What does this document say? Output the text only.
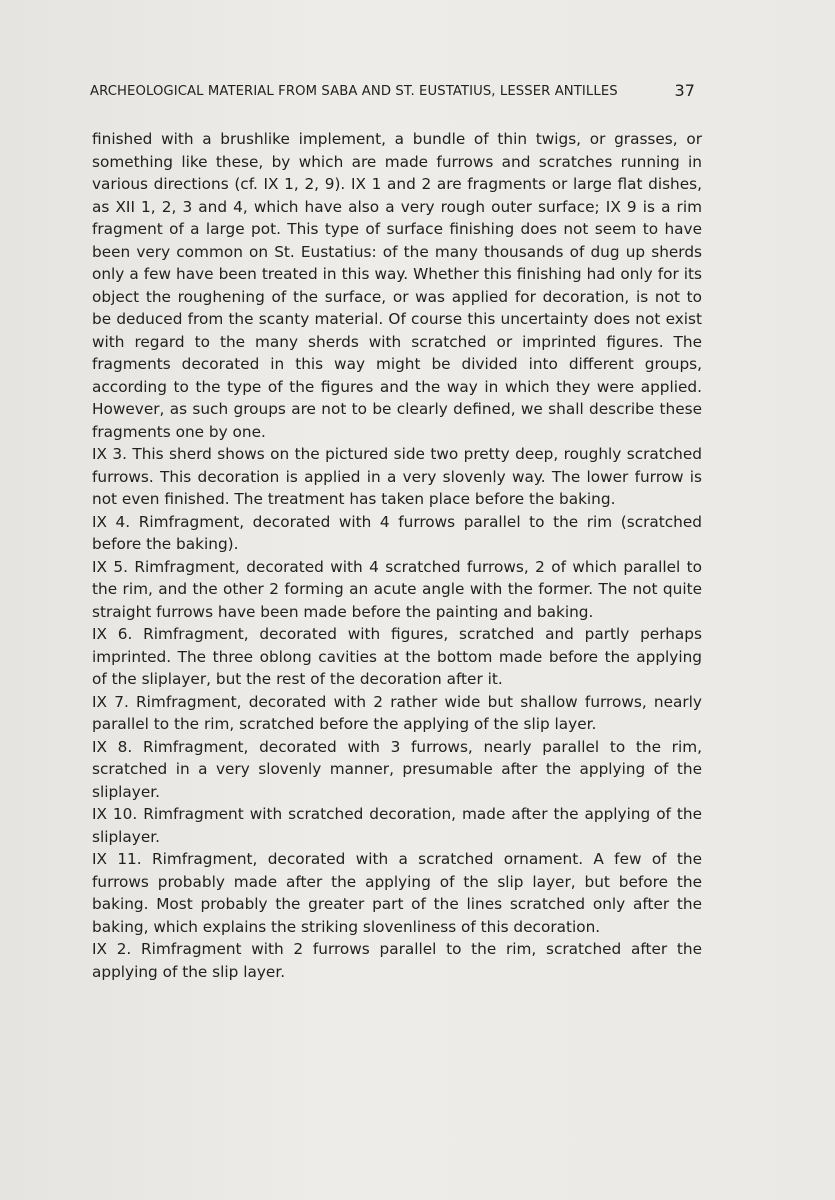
ARCHEOLOGICAL MATERIAL FROM SABA AND ST. EUSTATIUS, LESSER ANTILLES	37

finished with a brushlike implement, a bundle of thin twigs, or grasses, or something like these, by which are made furrows and scratches running in various directions (cf. IX 1, 2, 9). IX 1 and 2 are fragments or large flat dishes, as XII 1, 2, 3 and 4, which have also a very rough outer surface; IX 9 is a rim fragment of a large pot. This type of surface finishing does not seem to have been very common on St. Eustatius: of the many thousands of dug up sherds only a few have been treated in this way. Whether this finishing had only for its object the roughening of the surface, or was applied for decoration, is not to be deduced from the scanty material. Of course this uncertainty does not exist with regard to the many sherds with scratched or imprinted figures. The fragments decorated in this way might be divided into different groups, according to the type of the figures and the way in which they were applied. However, as such groups are not to be clearly defined, we shall describe these fragments one by one.

IX 3. This sherd shows on the pictured side two pretty deep, roughly scratched furrows. This decoration is applied in a very slovenly way. The lower furrow is not even finished. The treatment has taken place before the baking.

IX 4. Rimfragment, decorated with 4 furrows parallel to the rim (scratched before the baking).

IX 5. Rimfragment, decorated with 4 scratched furrows, 2 of which parallel to the rim, and the other 2 forming an acute angle with the former. The not quite straight furrows have been made before the painting and baking.

IX 6. Rimfragment, decorated with figures, scratched and partly perhaps imprinted. The three oblong cavities at the bottom made before the applying of the sliplayer, but the rest of the decoration after it.

IX 7. Rimfragment, decorated with 2 rather wide but shallow furrows, nearly parallel to the rim, scratched before the applying of the slip layer.

IX 8. Rimfragment, decorated with 3 furrows, nearly parallel to the rim, scratched in a very slovenly manner, presumable after the applying of the sliplayer.

IX 10. Rimfragment with scratched decoration, made after the applying of the sliplayer.

IX 11. Rimfragment, decorated with a scratched ornament. A few of the furrows probably made after the applying of the slip layer, but before the baking. Most probably the greater part of the lines scratched only after the baking, which explains the striking slovenliness of this decoration.

IX 2. Rimfragment with 2 furrows parallel to the rim, scratched after the applying of the slip layer.
